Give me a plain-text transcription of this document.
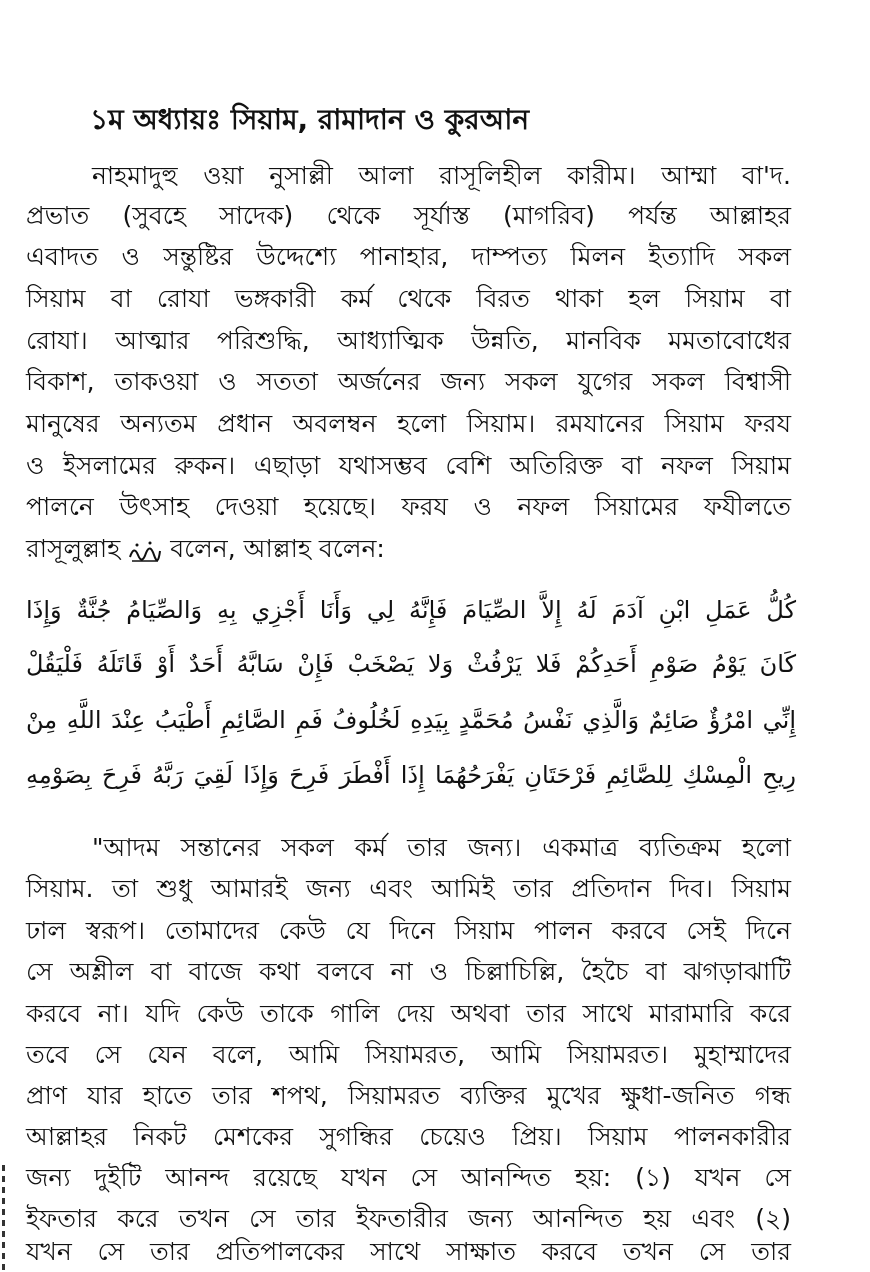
১ম অধ্যায়ঃ সিয়াম, রামাদান ও কুরআন
নাহমাদুহু ওয়া নুসাল্লী আলা রাসূলিহীল কারীম। আম্মা বা'দ.
প্রভাত (সুবহে সাদেক) থেকে সূর্যাস্ত (মাগরিব) পর্যন্ত আল্লাহর
এবাদত ও সন্তুষ্টির উদ্দেশ্যে পানাহার, দাম্পত্য মিলন ইত্যাদি সকল
সিয়াম বা রোযা ভঙ্গকারী কর্ম থেকে বিরত থাকা হল সিয়াম বা
রোযা। আত্মার পরিশুদ্ধি, আধ্যাত্মিক উন্নতি, মানবিক মমতাবোধের
বিকাশ, তাকওয়া ও সততা অর্জনের জন্য সকল যুগের সকল বিশ্বাসী
মানুষের অন্যতম প্রধান অবলম্বন হলো সিয়াম। রমযানের সিয়াম ফরয
ও ইসলামের রুকন। এছাড়া যথাসম্ভব বেশি অতিরিক্ত বা নফল সিয়াম
পালনে উৎসাহ দেওয়া হয়েছে। ফরয ও নফল সিয়ামের ফযীলতে
রাসূলুল্লাহ বলেন, আল্লাহ বলেন:
كُلُّ عَمَلِ ابْنِ آدَمَ لَهُ إِلاَّ الصِّيَامَ فَإِنَّهُ لِي وَأَنَا أَجْزِي بِهِ وَالصِّيَامُ جُنَّةٌ وَإِذَا
كَانَ يَوْمُ صَوْمِ أَحَدِكُمْ فَلا يَرْفُثْ وَلا يَصْخَبْ فَإِنْ سَابَّهُ أَحَدٌ أَوْ قَاتَلَهُ فَلْيَقُلْ
إِنِّي امْرُؤٌ صَائِمٌ وَالَّذِي نَفْسُ مُحَمَّدٍ بِيَدِهِ لَخُلُوفُ فَمِ الصَّائِمِ أَطْيَبُ عِنْدَ اللَّهِ مِنْ
رِيحِ الْمِسْكِ لِلصَّائِمِ فَرْحَتَانِ يَفْرَحُهُمَا إِذَا أَفْطَرَ فَرِحَ وَإِذَا لَقِيَ رَبَّهُ فَرِحَ بِصَوْمِهِ
"আদম সন্তানের সকল কর্ম তার জন্য। একমাত্র ব্যতিক্রম হলো
সিয়াম. তা শুধু আমারই জন্য এবং আমিই তার প্রতিদান দিব। সিয়াম
ঢাল স্বরূপ। তোমাদের কেউ যে দিনে সিয়াম পালন করবে সেই দিনে
সে অশ্লীল বা বাজে কথা বলবে না ও চিল্লাচিল্লি, হৈচৈ বা ঝগড়াঝাটি
করবে না। যদি কেউ তাকে গালি দেয় অথবা তার সাথে মারামারি করে
তবে সে যেন বলে, আমি সিয়ামরত, আমি সিয়ামরত। মুহাম্মাদের
প্রাণ যার হাতে তার শপথ, সিয়ামরত ব্যক্তির মুখের ক্ষুধা-জনিত গন্ধ
আল্লাহর নিকট মেশকের সুগন্ধির চেয়েও প্রিয়। সিয়াম পালনকারীর
জন্য দুইটি আনন্দ রয়েছে যখন সে আনন্দিত হয়: (১) যখন সে
ইফতার করে তখন সে তার ইফতারীর জন্য আনন্দিত হয় এবং (২)
যখন সে তার প্রতিপালকের সাথে সাক্ষাত করবে তখন সে তার
